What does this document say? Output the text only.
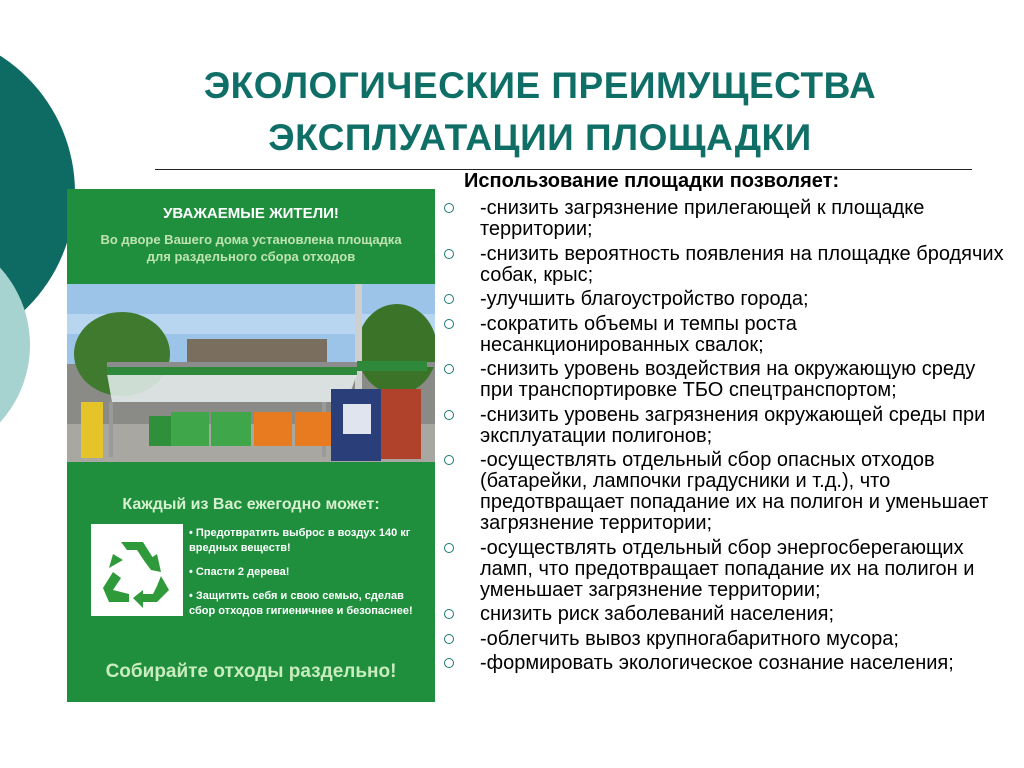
ЭКОЛОГИЧЕСКИЕ ПРЕИМУЩЕСТВА
ЭКСПЛУАТАЦИИ ПЛОЩАДКИ
УВАЖАЕМЫЕ ЖИТЕЛИ!
Во дворе Вашего дома установлена площадка для раздельного сбора отходов
Каждый из Вас ежегодно может:
• Предотвратить выброс в воздух 140 кг вредных веществ!
• Спасти 2 дерева!
• Защитить себя и свою семью, сделав сбор отходов гигиеничнее и безопаснее!
Собирайте отходы раздельно!
Использование площадки позволяет:
-снизить загрязнение прилегающей к площадке территории;
-снизить вероятность появления на площадке бродячих собак, крыс;
-улучшить благоустройство города;
-сократить объемы и темпы роста несанкционированных свалок;
-снизить уровень воздействия на окружающую среду при транспортировке ТБО спецтранспортом;
-снизить уровень загрязнения окружающей среды при эксплуатации полигонов;
-осуществлять отдельный сбор опасных отходов (батарейки, лампочки градусники и т.д.), что предотвращает попадание их на полигон и уменьшает загрязнение территории;
-осуществлять отдельный сбор энергосберегающих ламп, что предотвращает попадание их на полигон и уменьшает загрязнение территории;
снизить риск заболеваний населения;
-облегчить вывоз крупногабаритного мусора;
-формировать экологическое сознание населения;
